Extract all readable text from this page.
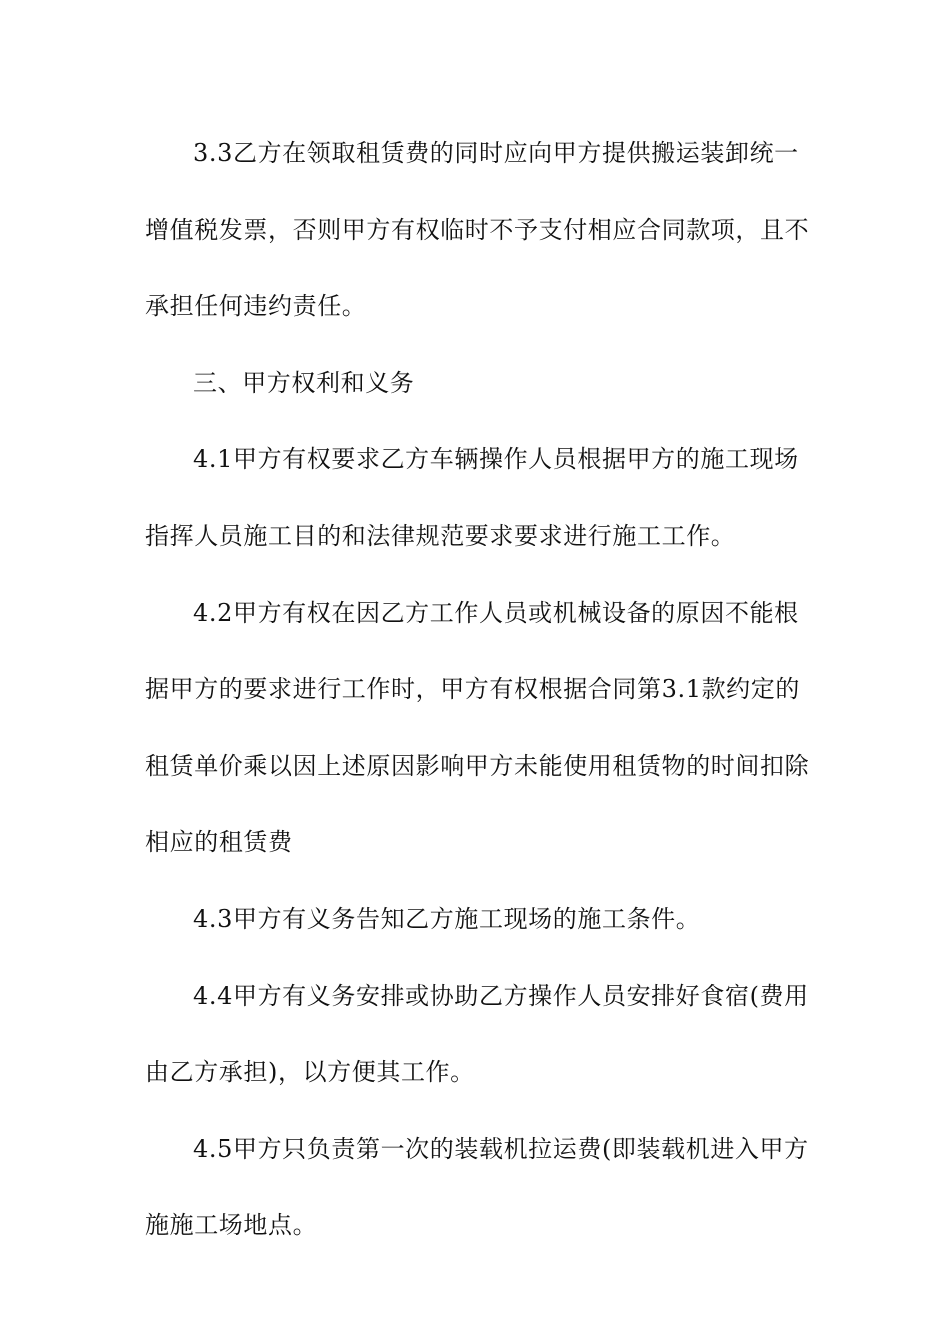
3.3乙方在领取租赁费的同时应向甲方提供搬运装卸统一
增值税发票，否则甲方有权临时不予支付相应合同款项，且不
承担任何违约责任。
三、甲方权利和义务
4.1甲方有权要求乙方车辆操作人员根据甲方的施工现场
指挥人员施工目的和法律规范要求要求进行施工工作。
4.2甲方有权在因乙方工作人员或机械设备的原因不能根
据甲方的要求进行工作时，甲方有权根据合同第3.1款约定的
租赁单价乘以因上述原因影响甲方未能使用租赁物的时间扣除
相应的租赁费
4.3甲方有义务告知乙方施工现场的施工条件。
4.4甲方有义务安排或协助乙方操作人员安排好食宿(费用
由乙方承担)，以方便其工作。
4.5甲方只负责第一次的装载机拉运费(即装载机进入甲方
施施工场地点。
